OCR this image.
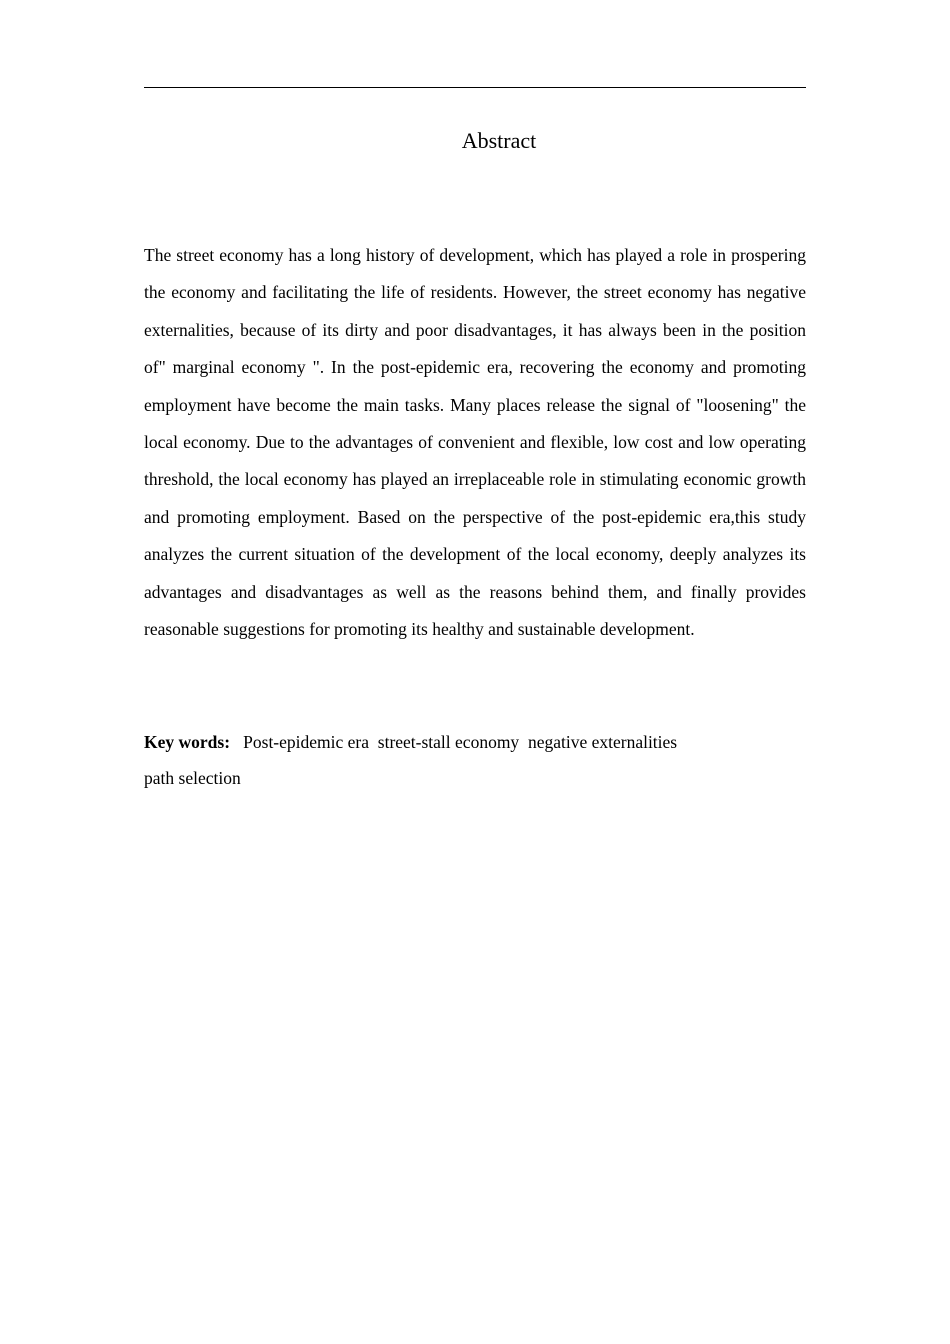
Abstract

The street economy has a long history of development, which has played a role in prospering the economy and facilitating the life of residents. However, the street economy has negative externalities, because of its dirty and poor disadvantages, it has always been in the position of" marginal economy ". In the post-epidemic era, recovering the economy and promoting employment have become the main tasks. Many places release the signal of "loosening" the local economy. Due to the advantages of convenient and flexible, low cost and low operating threshold, the local economy has played an irreplaceable role in stimulating economic growth and promoting employment. Based on the perspective of the post-epidemic era,this study analyzes the current situation of the development of the local economy, deeply analyzes its advantages and disadvantages as well as the reasons behind them, and finally provides reasonable suggestions for promoting its healthy and sustainable development.

Key words: Post-epidemic era street-stall economy negative externalities
path selection
